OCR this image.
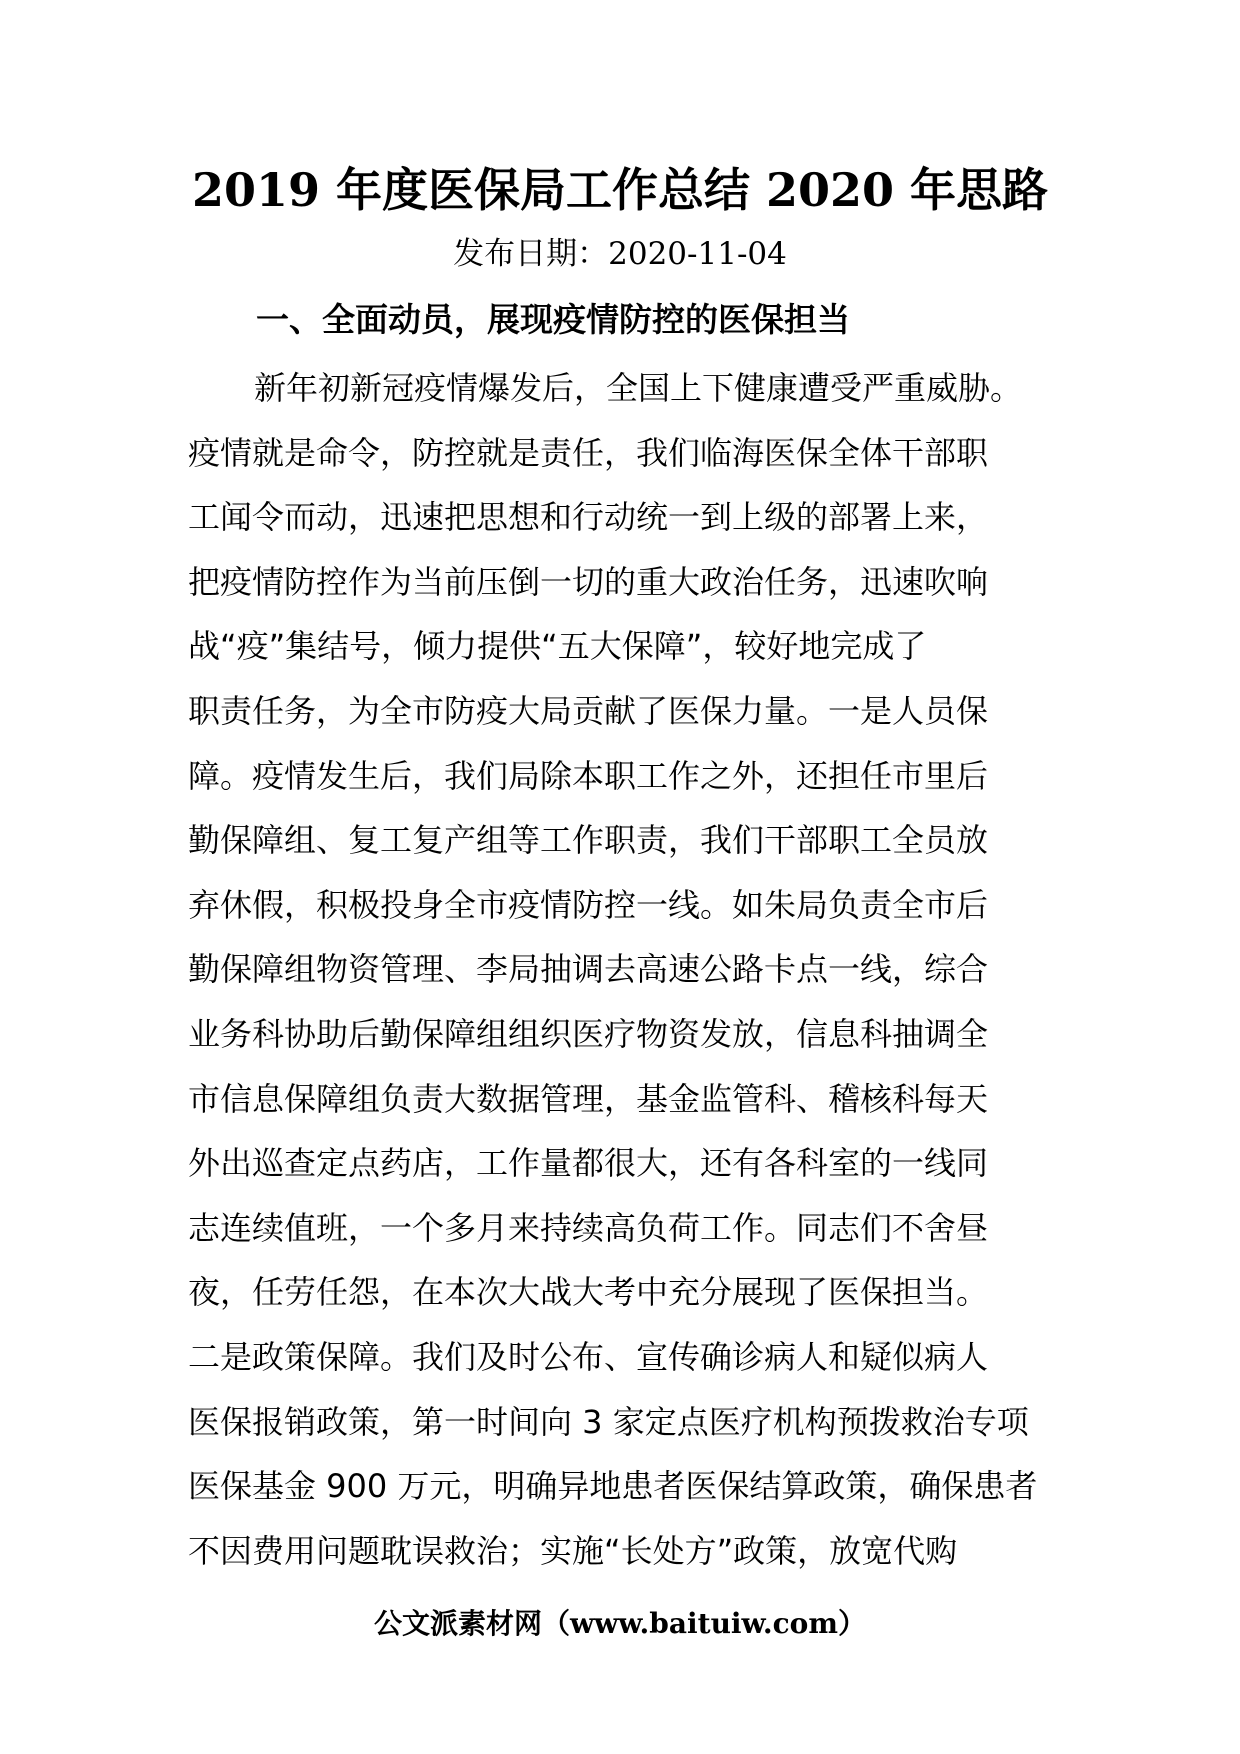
2019 年度医保局工作总结 2020 年思路
发布日期：2020-11-04
一、全面动员，展现疫情防控的医保担当
新年初新冠疫情爆发后，全国上下健康遭受严重威胁。
疫情就是命令，防控就是责任，我们临海医保全体干部职
工闻令而动，迅速把思想和行动统一到上级的部署上来，
把疫情防控作为当前压倒一切的重大政治任务，迅速吹响
战“疫”集结号，倾力提供“五大保障”，较好地完成了
职责任务，为全市防疫大局贡献了医保力量。一是人员保
障。疫情发生后，我们局除本职工作之外，还担任市里后
勤保障组、复工复产组等工作职责，我们干部职工全员放
弃休假，积极投身全市疫情防控一线。如朱局负责全市后
勤保障组物资管理、李局抽调去高速公路卡点一线，综合
业务科协助后勤保障组组织医疗物资发放，信息科抽调全
市信息保障组负责大数据管理，基金监管科、稽核科每天
外出巡查定点药店，工作量都很大，还有各科室的一线同
志连续值班，一个多月来持续高负荷工作。同志们不舍昼
夜，任劳任怨，在本次大战大考中充分展现了医保担当。
二是政策保障。我们及时公布、宣传确诊病人和疑似病人
医保报销政策，第一时间向 3 家定点医疗机构预拨救治专项
医保基金 900 万元，明确异地患者医保结算政策，确保患者
不因费用问题耽误救治；实施“长处方”政策，放宽代购
公文派素材网（www.baituiw.com）
